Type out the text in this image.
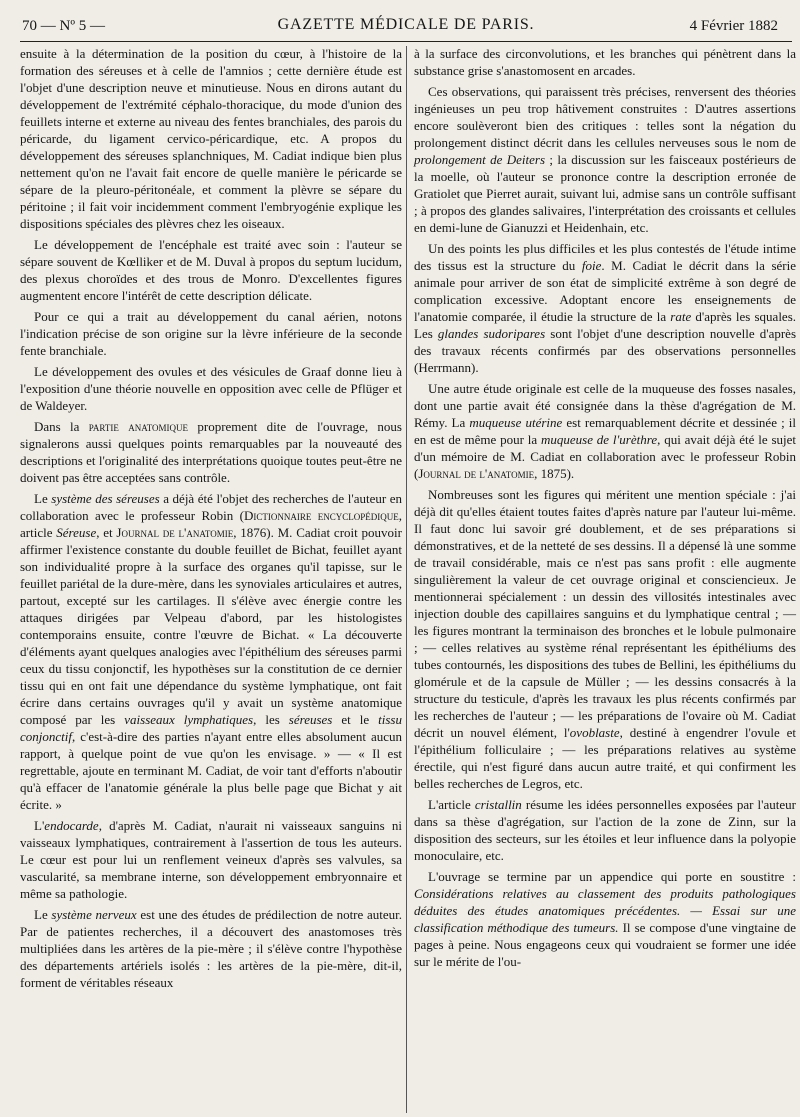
70 — Nº 5 —	GAZETTE MÉDICALE DE PARIS.	4 Février 1882

ensuite à la détermination de la position du cœur, à l'histoire de la formation des séreuses et à celle de l'amnios ; cette dernière étude est l'objet d'une description neuve et minutieuse. Nous en dirons autant du développement de l'extrémité céphalo-thoracique, du mode d'union des feuillets interne et externe au niveau des fentes branchiales, des parois du péricarde, du ligament cervico-péricardique, etc. A propos du développement des séreuses splanchniques, M. Cadiat indique bien plus nettement qu'on ne l'avait fait encore de quelle manière le péricarde se sépare de la pleuro-péritonéale, et comment la plèvre se sépare du péritoine ; il fait voir incidemment comment l'embryogénie explique les dispositions spéciales des plèvres chez les oiseaux.

Le développement de l'encéphale est traité avec soin : l'auteur se sépare souvent de Kœlliker et de M. Duval à propos du septum lucidum, des plexus choroïdes et des trous de Monro. D'excellentes figures augmentent encore l'intérêt de cette description délicate.

Pour ce qui a trait au développement du canal aérien, notons l'indication précise de son origine sur la lèvre inférieure de la seconde fente branchiale.

Le développement des ovules et des vésicules de Graaf donne lieu à l'exposition d'une théorie nouvelle en opposition avec celle de Pflüger et de Waldeyer.

Dans la partie anatomique proprement dite de l'ouvrage, nous signalerons aussi quelques points remarquables par la nouveauté des descriptions et l'originalité des interprétations quoique toutes peut-être ne doivent pas être acceptées sans contrôle.

Le système des séreuses a déjà été l'objet des recherches de l'auteur en collaboration avec le professeur Robin (Dictionnaire encyclopédique, article Séreuse, et Journal de l'anatomie, 1876). M. Cadiat croit pouvoir affirmer l'existence constante du double feuillet de Bichat, feuillet ayant son individualité propre à la surface des organes qu'il tapisse, sur le feuillet pariétal de la dure-mère, dans les synoviales articulaires et autres, partout, excepté sur les cartilages. Il s'élève avec énergie contre les attaques dirigées par Velpeau d'abord, par les histologistes contemporains ensuite, contre l'œuvre de Bichat. « La découverte d'éléments ayant quelques analogies avec l'épithélium des séreuses parmi ceux du tissu conjonctif, les hypothèses sur la constitution de ce dernier tissu qui en ont fait une dépendance du système lymphatique, ont fait écrire dans certains ouvrages qu'il y avait un système anatomique composé par les vaisseaux lymphatiques, les séreuses et le tissu conjonctif, c'est-à-dire des parties n'ayant entre elles absolument aucun rapport, à quelque point de vue qu'on les envisage. » — « Il est regrettable, ajoute en terminant M. Cadiat, de voir tant d'efforts n'aboutir qu'à effacer de l'anatomie générale la plus belle page que Bichat y ait écrite. »

L'endocarde, d'après M. Cadiat, n'aurait ni vaisseaux sanguins ni vaisseaux lymphatiques, contrairement à l'assertion de tous les auteurs. Le cœur est pour lui un renflement veineux d'après ses valvules, sa vascularité, sa membrane interne, son développement embryonnaire et même sa pathologie.

Le système nerveux est une des études de prédilection de notre auteur. Par de patientes recherches, il a découvert des anastomoses très multipliées dans les artères de la pie-mère ; il s'élève contre l'hypothèse des départements artériels isolés : les artères de la pie-mère, dit-il, forment de véritables réseaux

à la surface des circonvolutions, et les branches qui pénètrent dans la substance grise s'anastomosent en arcades.

Ces observations, qui paraissent très précises, renversent des théories ingénieuses un peu trop hâtivement construites : D'autres assertions encore soulèveront bien des critiques : telles sont la négation du prolongement distinct décrit dans les cellules nerveuses sous le nom de prolongement de Deiters ; la discussion sur les faisceaux postérieurs de la moelle, où l'auteur se prononce contre la description erronée de Gratiolet que Pierret aurait, suivant lui, admise sans un contrôle suffisant ; à propos des glandes salivaires, l'interprétation des croissants et cellules en demi-lune de Gianuzzi et Heidenhain, etc.

Un des points les plus difficiles et les plus contestés de l'étude intime des tissus est la structure du foie. M. Cadiat le décrit dans la série animale pour arriver de son état de simplicité extrême à son degré de complication excessive. Adoptant encore les enseignements de l'anatomie comparée, il étudie la structure de la rate d'après les squales. Les glandes sudoripares sont l'objet d'une description nouvelle d'après des travaux récents confirmés par des observations personnelles (Herrmann).

Une autre étude originale est celle de la muqueuse des fosses nasales, dont une partie avait été consignée dans la thèse d'agrégation de M. Rémy. La muqueuse utérine est remarquablement décrite et dessinée ; il en est de même pour la muqueuse de l'urèthre, qui avait déjà été le sujet d'un mémoire de M. Cadiat en collaboration avec le professeur Robin (Journal de l'anatomie, 1875).

Nombreuses sont les figures qui méritent une mention spéciale : j'ai déjà dit qu'elles étaient toutes faites d'après nature par l'auteur lui-même. Il faut donc lui savoir gré doublement, et de ses préparations si démonstratives, et de la netteté de ses dessins. Il a dépensé là une somme de travail considérable, mais ce n'est pas sans profit : elle augmente singulièrement la valeur de cet ouvrage original et consciencieux. Je mentionnerai spécialement : un dessin des villosités intestinales avec injection double des capillaires sanguins et du lymphatique central ; — les figures montrant la terminaison des bronches et le lobule pulmonaire ; — celles relatives au système rénal représentant les épithéliums des tubes contournés, les dispositions des tubes de Bellini, les épithéliums du glomérule et de la capsule de Müller ; — les dessins consacrés à la structure du testicule, d'après les travaux les plus récents confirmés par les recherches de l'auteur ; — les préparations de l'ovaire où M. Cadiat décrit un nouvel élément, l'ovoblaste, destiné à engendrer l'ovule et l'épithélium folliculaire ; — les préparations relatives au système érectile, qui n'est figuré dans aucun autre traité, et qui confirment les belles recherches de Legros, etc.

L'article cristallin résume les idées personnelles exposées par l'auteur dans sa thèse d'agrégation, sur l'action de la zone de Zinn, sur la disposition des secteurs, sur les étoiles et leur influence dans la polyopie monoculaire, etc.

L'ouvrage se termine par un appendice qui porte en soustitre : Considérations relatives au classement des produits pathologiques déduites des études anatomiques précédentes. — Essai sur une classification méthodique des tumeurs. Il se compose d'une vingtaine de pages à peine. Nous engageons ceux qui voudraient se former une idée sur le mérite de l'ou-
